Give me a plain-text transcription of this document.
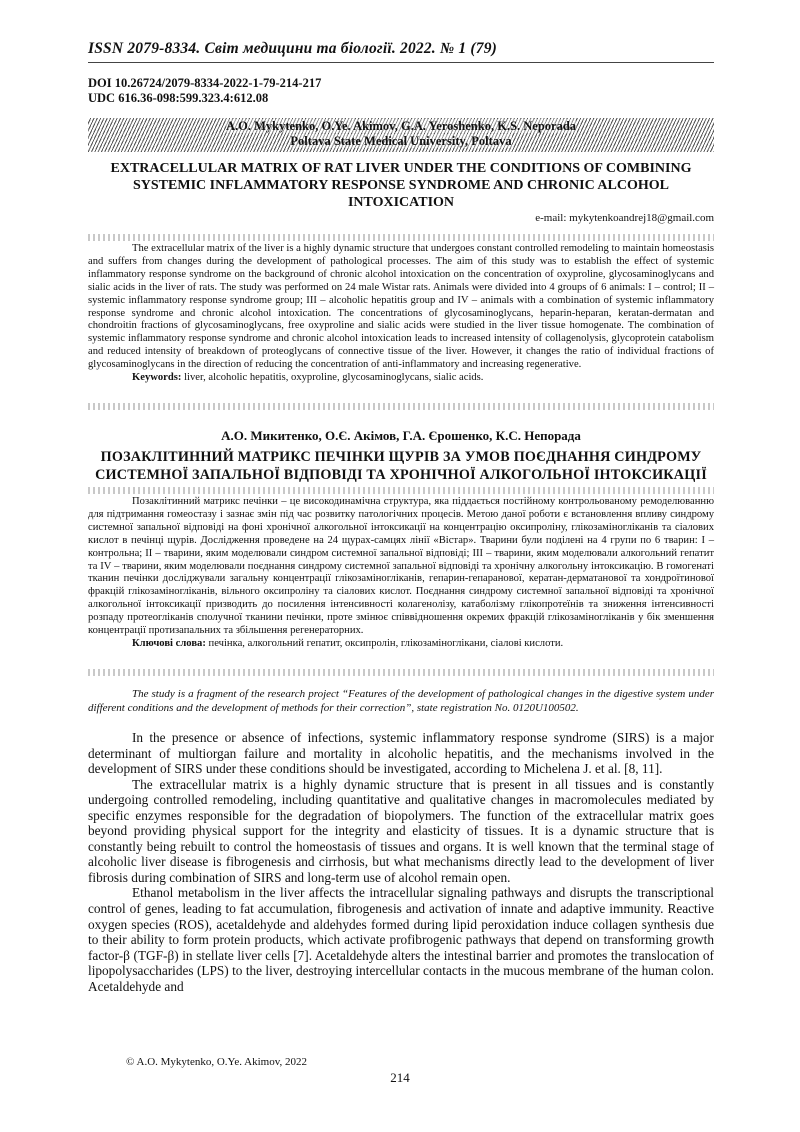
ISSN 2079-8334. Світ медицини та біології. 2022. № 1 (79)
DOI 10.26724/2079-8334-2022-1-79-214-217
UDC 616.36-098:599.323.4:612.08
A.O. Mykytenko, O.Ye. Akimov, G.A. Yeroshenko, K.S. Neporada
Poltava State Medical University, Poltava
EXTRACELLULAR MATRIX OF RAT LIVER UNDER THE CONDITIONS OF COMBINING SYSTEMIC INFLAMMATORY RESPONSE SYNDROME AND CHRONIC ALCOHOL INTOXICATION
e-mail: mykytenkoandrej18@gmail.com

The extracellular matrix of the liver is a highly dynamic structure that undergoes constant controlled remodeling to maintain homeostasis and suffers from changes during the development of pathological processes. The aim of this study was to establish the effect of systemic inflammatory response syndrome on the background of chronic alcohol intoxication on the concentration of oxyproline, glycosaminoglycans and sialic acids in the liver of rats. The study was performed on 24 male Wistar rats. Animals were divided into 4 groups of 6 animals: I – control; II – systemic inflammatory response syndrome group; III – alcoholic hepatitis group and IV – animals with a combination of systemic inflammatory response syndrome and chronic alcohol intoxication. The concentrations of glycosaminoglycans, heparin-heparan, keratan-dermatan and chondroitin fractions of glycosaminoglycans, free oxyproline and sialic acids were studied in the liver tissue homogenate. The combination of systemic inflammatory response syndrome and chronic alcohol intoxication leads to increased intensity of collagenolysis, glycoprotein catabolism and reduced intensity of breakdown of proteoglycans of connective tissue of the liver. However, it changes the ratio of individual fractions of glycosaminoglycans in the direction of reducing the concentration of anti-inflammatory and increasing regenerative.

Keywords: liver, alcoholic hepatitis, oxyproline, glycosaminoglycans, sialic acids.

А.О. Микитенко, О.Є. Акімов, Г.А. Єрошенко, К.С. Непорада
ПОЗАКЛІТИННИЙ МАТРИКС ПЕЧІНКИ ЩУРІВ ЗА УМОВ ПОЄДНАННЯ СИНДРОМУ СИСТЕМНОЇ ЗАПАЛЬНОЇ ВІДПОВІДІ ТА ХРОНІЧНОЇ АЛКОГОЛЬНОЇ ІНТОКСИКАЦІЇ

Позаклітинний матрикс печінки – це високодинамічна структура, яка піддається постійному контрольованому ремоделюванню для підтримання гомеостазу і зазнає змін під час розвитку патологічних процесів. Метою даної роботи є встановлення впливу синдрому системної запальної відповіді на фоні хронічної алкогольної інтоксикації на концентрацію оксипроліну, глікозаміногліканів та сіалових кислот в печінці щурів. Дослідження проведене на 24 щурах-самцях лінії «Вістар». Тварини були поділені на 4 групи по 6 тварин: I – контрольна; II – тварини, яким моделювали синдром системної запальної відповіді; III – тварини, яким моделювали алкогольний гепатит та IV – тварини, яким моделювали поєднання синдрому системної запальної відповіді та хронічну алкогольну інтоксикацію. В гомогенаті тканин печінки досліджували загальну концентрації глікозаміногліканів, гепарин-гепаранової, кератан-дерматанової та хондроїтинової фракцій глікозаміногліканів, вільного оксипроліну та сіалових кислот. Поєднання синдрому системної запальної відповіді та хронічної алкогольної інтоксикації призводить до посилення інтенсивності колагенолізу, катаболізму глікопротеїнів та зниження інтенсивності розпаду протеогліканів сполучної тканини печінки, проте змінює співвідношення окремих фракцій глікозаміногліканів у бік зменшення концентрації протизапальних та збільшення регенераторних.

Ключові слова: печінка, алкогольний гепатит, оксипролін, глікозаміноглікани, сіалові кислоти.

The study is a fragment of the research project “Features of the development of pathological changes in the digestive system under different conditions and the development of methods for their correction”, state registration No. 0120U100502.

In the presence or absence of infections, systemic inflammatory response syndrome (SIRS) is a major determinant of multiorgan failure and mortality in alcoholic hepatitis, and the mechanisms involved in the development of SIRS under these conditions should be investigated, according to Michelena J. et al. [8, 11].

The extracellular matrix is a highly dynamic structure that is present in all tissues and is constantly undergoing controlled remodeling, including quantitative and qualitative changes in macromolecules mediated by specific enzymes responsible for the degradation of biopolymers. The function of the extracellular matrix goes beyond providing physical support for the integrity and elasticity of tissues. It is a dynamic structure that is constantly being rebuilt to control the homeostasis of tissues and organs. It is well known that the terminal stage of alcoholic liver disease is fibrogenesis and cirrhosis, but what mechanisms directly lead to the development of liver fibrosis during combination of SIRS and long-term use of alcohol remain open.

Ethanol metabolism in the liver affects the intracellular signaling pathways and disrupts the transcriptional control of genes, leading to fat accumulation, fibrogenesis and activation of innate and adaptive immunity. Reactive oxygen species (ROS), acetaldehyde and aldehydes formed during lipid peroxidation induce collagen synthesis due to their ability to form protein products, which activate profibrogenic pathways that depend on transforming growth factor-β (TGF-β) in stellate liver cells [7]. Acetaldehyde alters the intestinal barrier and promotes the translocation of lipopolysaccharides (LPS) to the liver, destroying intercellular contacts in the mucous membrane of the human colon. Acetaldehyde and

© A.O. Mykytenko, O.Ye. Akimov, 2022
214
